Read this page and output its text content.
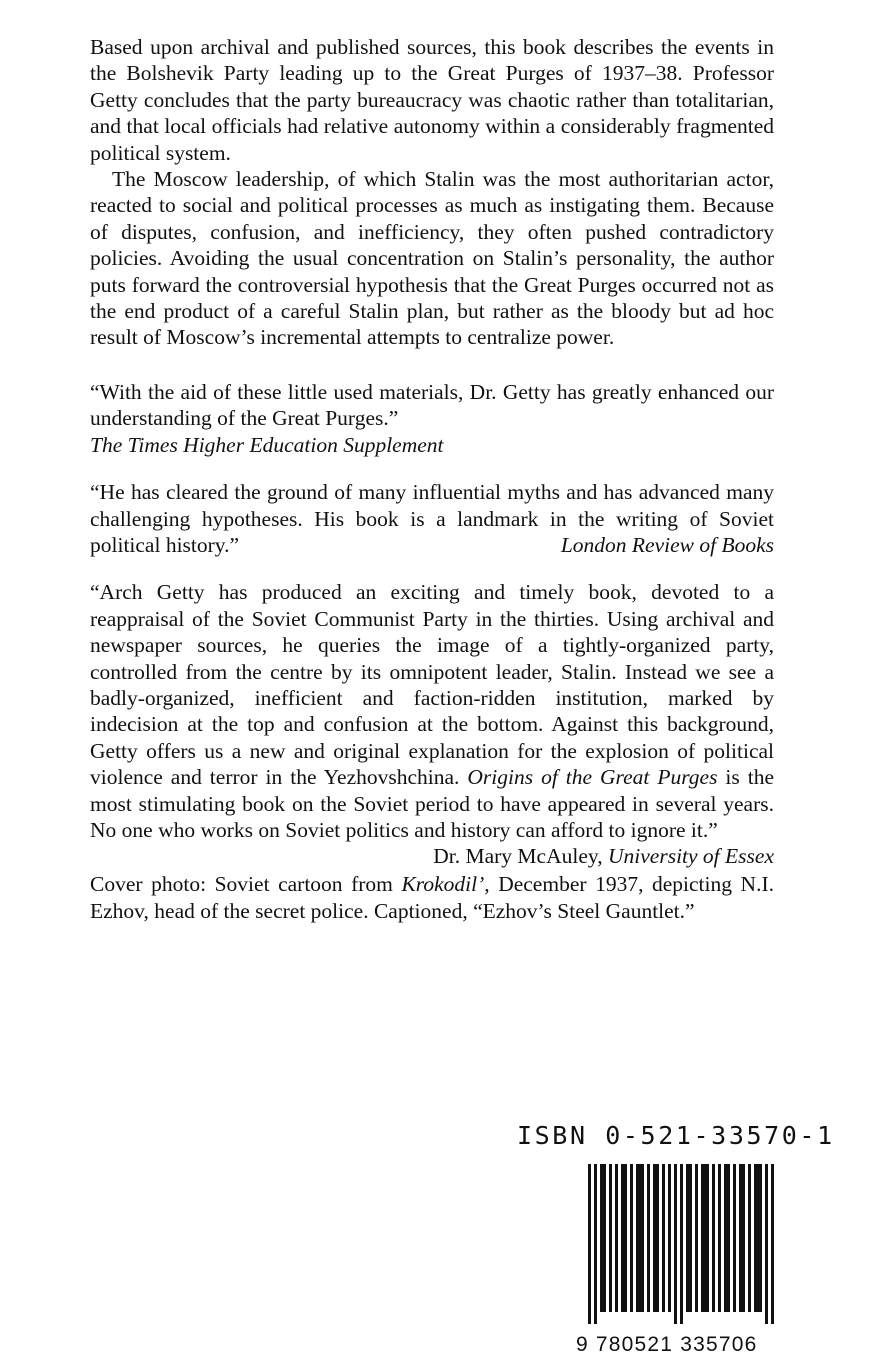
Based upon archival and published sources, this book describes the events in the Bolshevik Party leading up to the Great Purges of 1937–38. Professor Getty concludes that the party bureaucracy was chaotic rather than totalitarian, and that local officials had relative autonomy within a considerably fragmented political system.

The Moscow leadership, of which Stalin was the most authoritarian actor, reacted to social and political processes as much as instigating them. Because of disputes, confusion, and inefficiency, they often pushed contradictory policies. Avoiding the usual concentration on Stalin’s personality, the author puts forward the controversial hypothesis that the Great Purges occurred not as the end product of a careful Stalin plan, but rather as the bloody but ad hoc result of Moscow’s incremental attempts to centralize power.

“With the aid of these little used materials, Dr. Getty has greatly enhanced our understanding of the Great Purges.”

The Times Higher Education Supplement

“He has cleared the ground of many influential myths and has advanced many challenging hypotheses. His book is a landmark in the writing of Soviet political history.”	London Review of Books

“Arch Getty has produced an exciting and timely book, devoted to a reappraisal of the Soviet Communist Party in the thirties. Using archival and newspaper sources, he queries the image of a tightly-organized party, controlled from the centre by its omnipotent leader, Stalin. Instead we see a badly-organized, inefficient and faction-ridden institution, marked by indecision at the top and confusion at the bottom. Against this background, Getty offers us a new and original explanation for the explosion of political violence and terror in the Yezhovshchina. Origins of the Great Purges is the most stimulating book on the Soviet period to have appeared in several years. No one who works on Soviet politics and history can afford to ignore it.”
Dr. Mary McAuley, University of Essex

Cover photo: Soviet cartoon from Krokodil’, December 1937, depicting N.I. Ezhov, head of the secret police. Captioned, “Ezhov’s Steel Gauntlet.”

ISBN 0-521-33570-1
9 780521 335706
